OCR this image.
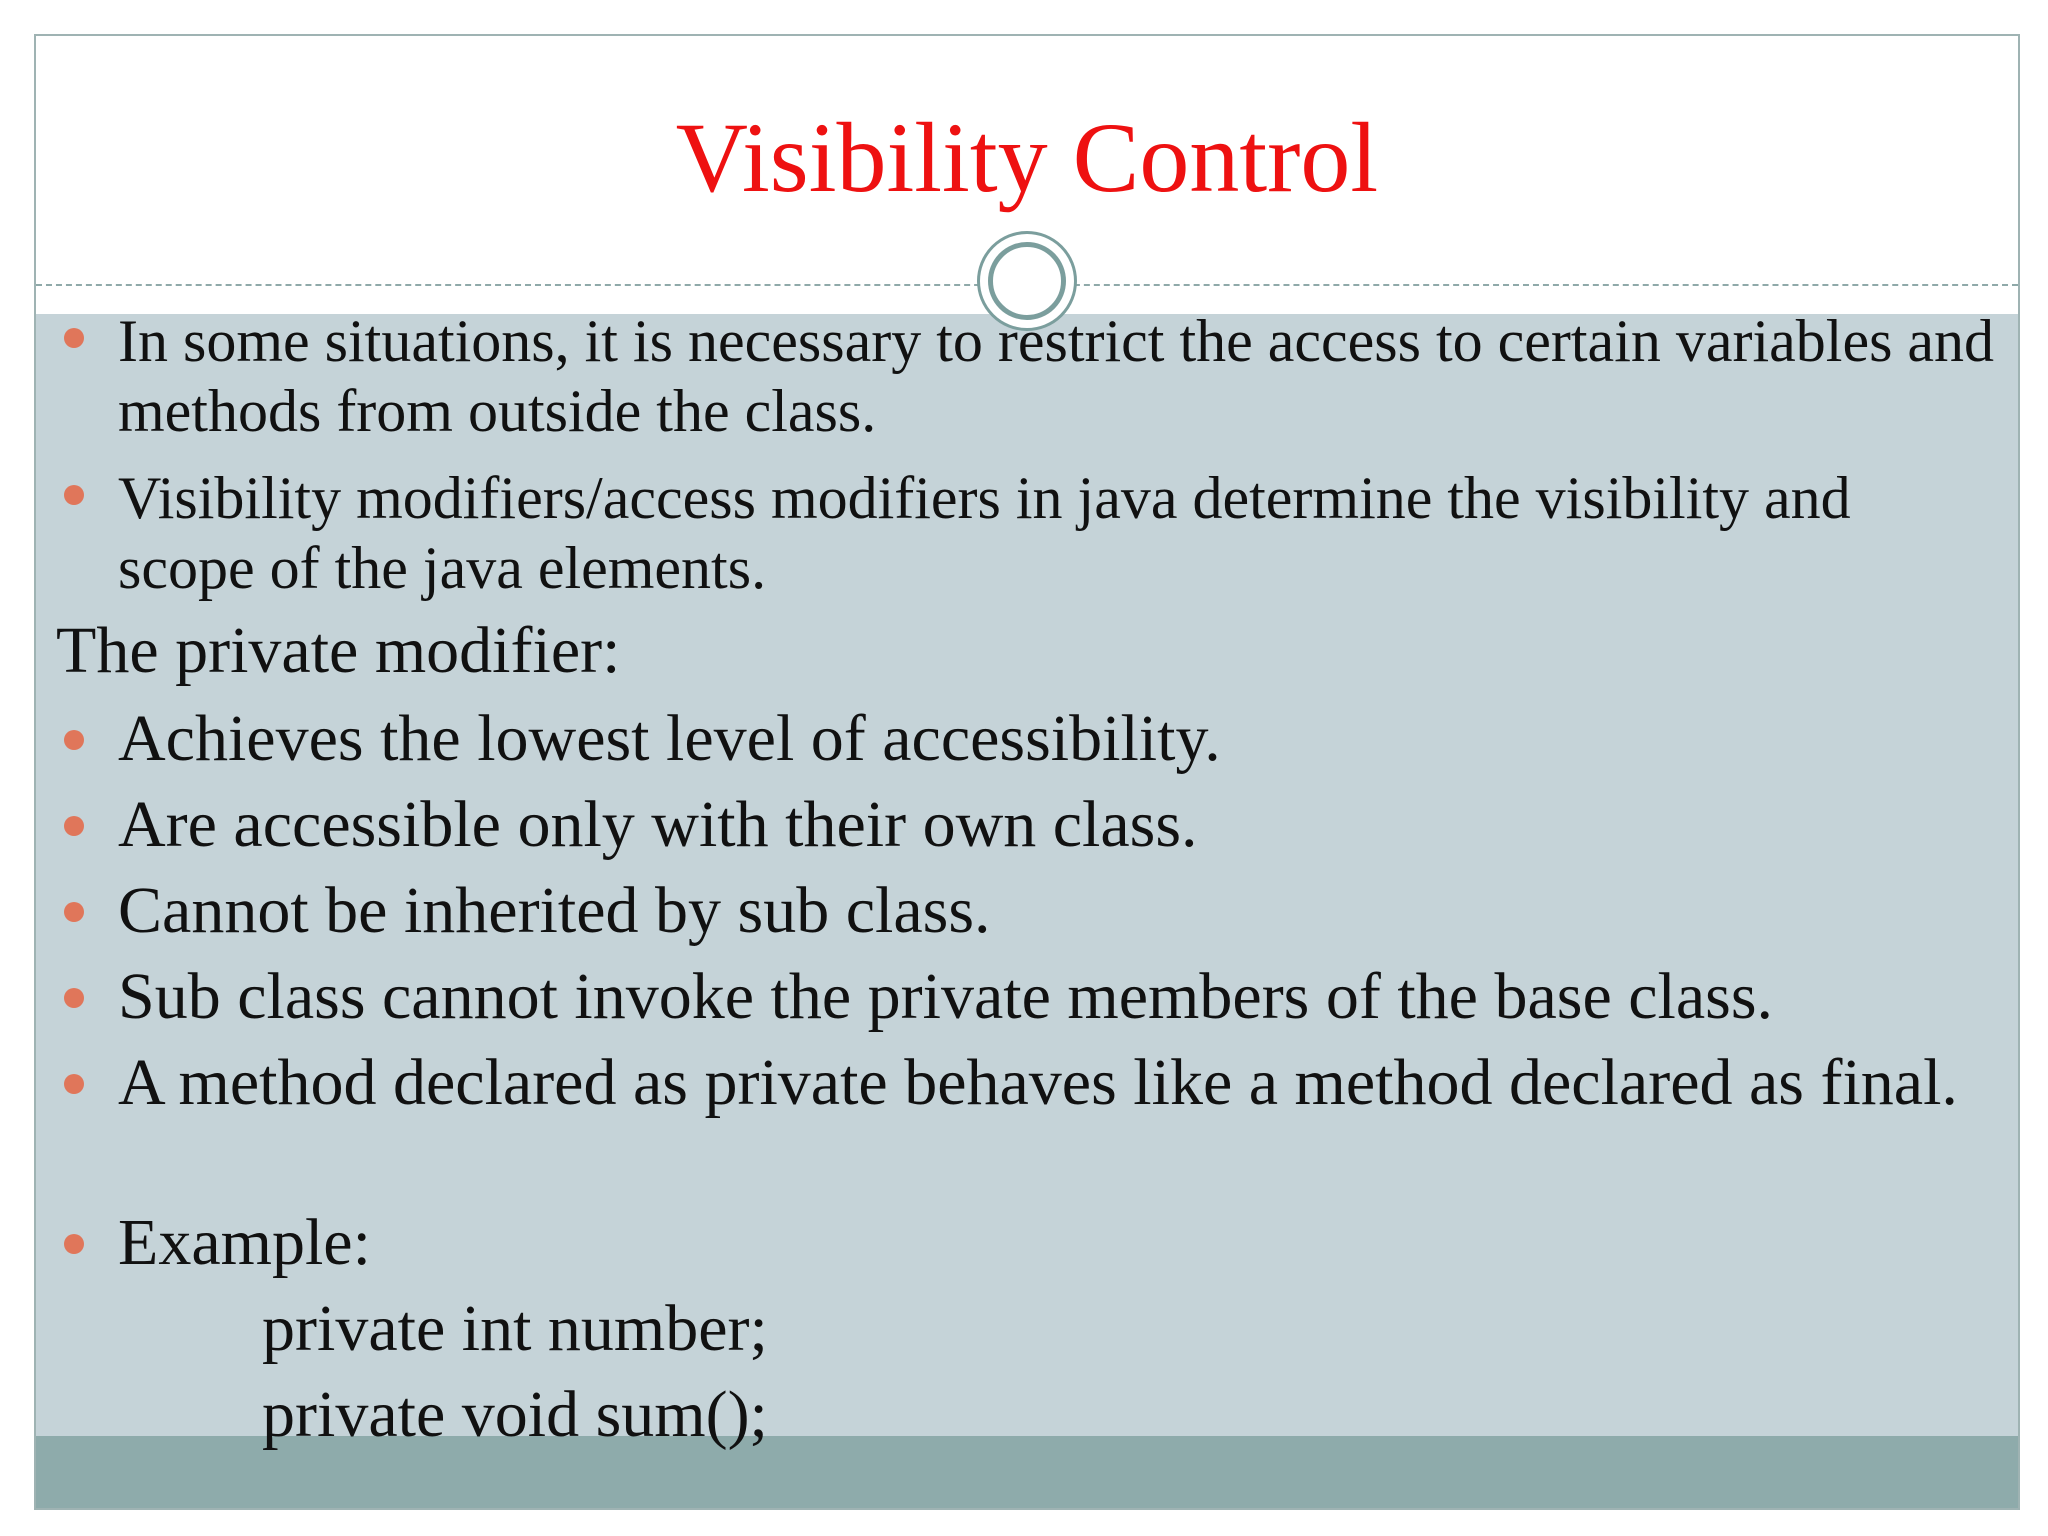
Visibility Control
In some situations, it is necessary to restrict the access to certain variables and methods from outside the class.
Visibility modifiers/access modifiers in java determine the visibility and scope of the java elements.
The private modifier:
Achieves the lowest level of accessibility.
Are accessible only with their own class.
Cannot be inherited by sub class.
Sub class cannot invoke the private members of the base class.
A method declared as private behaves like a method declared as final.
Example:
private int number;
private void sum();
